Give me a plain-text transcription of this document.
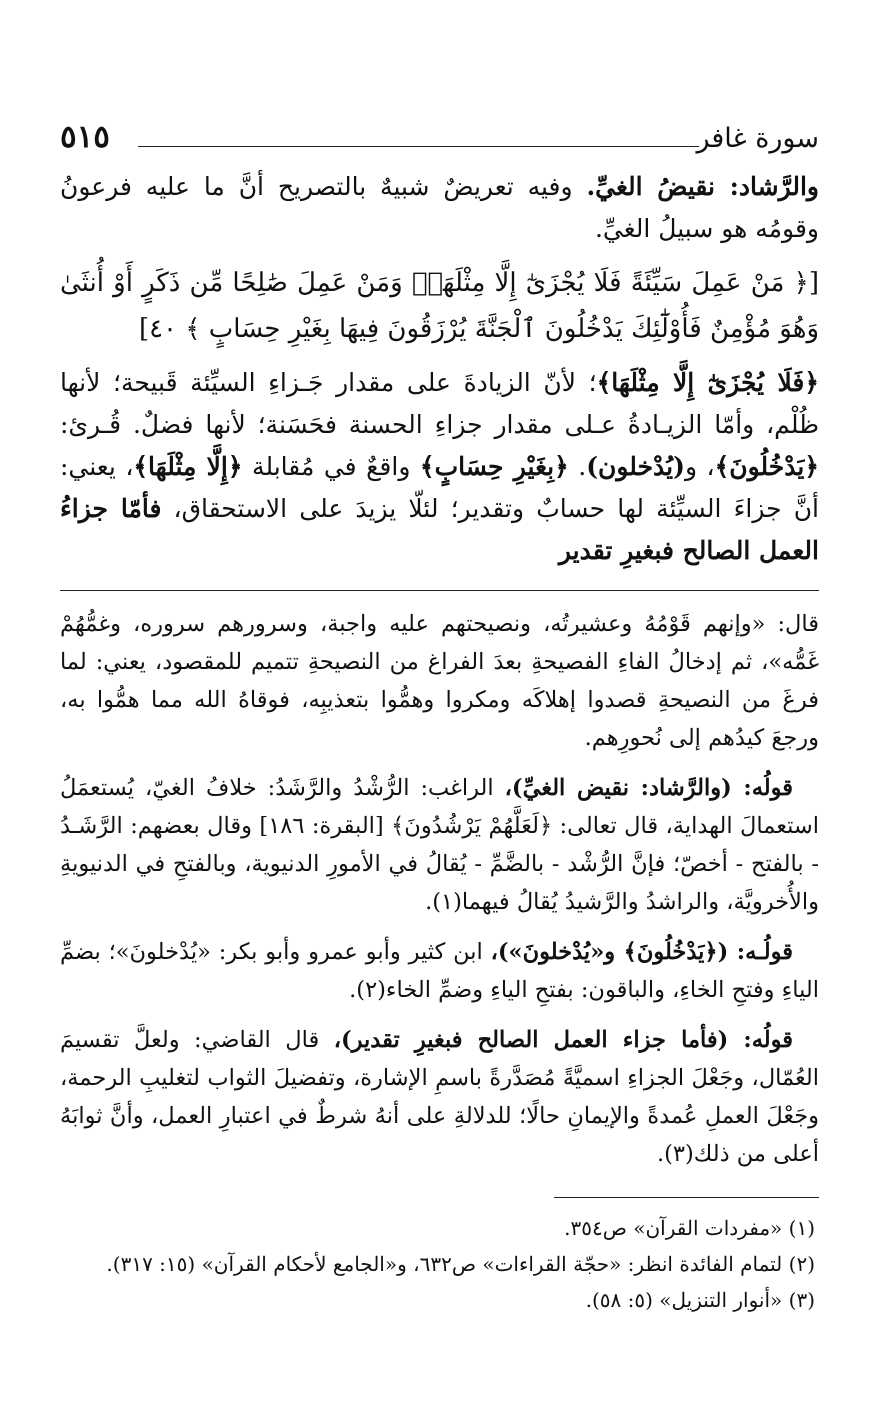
سورة غافر
٥١٥

والرَّشاد: نقيضُ الغيِّ. وفيه تعريضٌ شبيهٌ بالتصريح أنَّ ما عليه فرعونُ وقومُه هو سبيلُ الغيِّ.

[﴿ مَنْ عَمِلَ سَيِّئَةً فَلَا يُجْزَىٰٓ إِلَّا مِثْلَهَاۖ وَمَنْ عَمِلَ صَٰلِحًا مِّن ذَكَرٍ أَوْ أُنثَىٰ وَهُوَ مُؤْمِنٌ فَأُوْلَٰٓئِكَ يَدْخُلُونَ ٱلْجَنَّةَ يُرْزَقُونَ فِيهَا بِغَيْرِ حِسَابٍ ﴾ ٤٠]

﴿فَلَا يُجْزَىٰٓ إِلَّا مِثْلَهَا﴾؛ لأنّ الزيادةَ على مقدار جَـزاءِ السيِّئة قَبيحة؛ لأنها ظُلْم، وأمّا الزيـادةُ عـلى مقدار جزاءِ الحسنة فحَسَنة؛ لأنها فضلٌ. قُـرئ: ﴿يَدْخُلُونَ﴾، و(يُدْخلون). ﴿بِغَيْرِ حِسَابٍ﴾ واقعٌ في مُقابلة ﴿إِلَّا مِثْلَهَا﴾، يعني: أنَّ جزاءَ السيِّئة لها حسابٌ وتقدير؛ لئلّا يزيدَ على الاستحقاق، فأمّا جزاءُ العمل الصالح فبغيرِ تقدير

قال: «وإنهم قَوْمُهُ وعشيرتُه، ونصيحتهم عليه واجبة، وسرورهم سروره، وغمُّهُمْ غَمُّه»، ثم إدخالُ الفاءِ الفصيحةِ بعدَ الفراغ من النصيحةِ تتميم للمقصود، يعني: لما فرغَ من النصيحةِ قصدوا إهلاكَه ومكروا وهمُّوا بتعذيبِه، فوقاهُ الله مما همُّوا به، ورجعَ كيدُهم إلى نُحورِهم.

قولُه: (والرَّشاد: نقيض الغيِّ)، الراغب: الرُّشْدُ والرَّشَدُ: خلافُ الغيّ، يُستعمَلُ استعمالَ الهداية، قال تعالى: ﴿لَعَلَّهُمْ يَرْشُدُونَ﴾ [البقرة: ١٨٦] وقال بعضهم: الرَّشَـدُ - بالفتح - أخصّ؛ فإنَّ الرُّشْد - بالضَّمِّ - يُقالُ في الأمورِ الدنيوية، وبالفتحِ في الدنيويةِ والأُخرويَّة، والراشدُ والرَّشيدُ يُقالُ فيهما(١).

قولُـه: (﴿يَدْخُلُونَ﴾ و«يُدْخلونَ»)، ابن كثير وأبو عمرو وأبو بكر: «يُدْخلونَ»؛ بضمِّ الياءِ وفتحِ الخاءِ، والباقون: بفتحِ الياءِ وضمِّ الخاء(٢).

قولُه: (فأما جزاء العمل الصالح فبغيرِ تقدير)، قال القاضي: ولعلَّ تقسيمَ العُمّال، وجَعْلَ الجزاءِ اسميَّةً مُصَدَّرةً باسمِ الإشارة، وتفضيلَ الثواب لتغليبِ الرحمة، وجَعْلَ العملِ عُمدةً والإيمانِ حالًا؛ للدلالةِ على أنهُ شرطٌ في اعتبارِ العمل، وأنَّ ثوابَهُ أعلى من ذلك(٣).

(١) «مفردات القرآن» ص٣٥٤.
(٢) لتمام الفائدة انظر: «حجّة القراءات» ص٦٣٢، و«الجامع لأحكام القرآن» (١٥: ٣١٧).
(٣) «أنوار التنزيل» (٥: ٥٨).
